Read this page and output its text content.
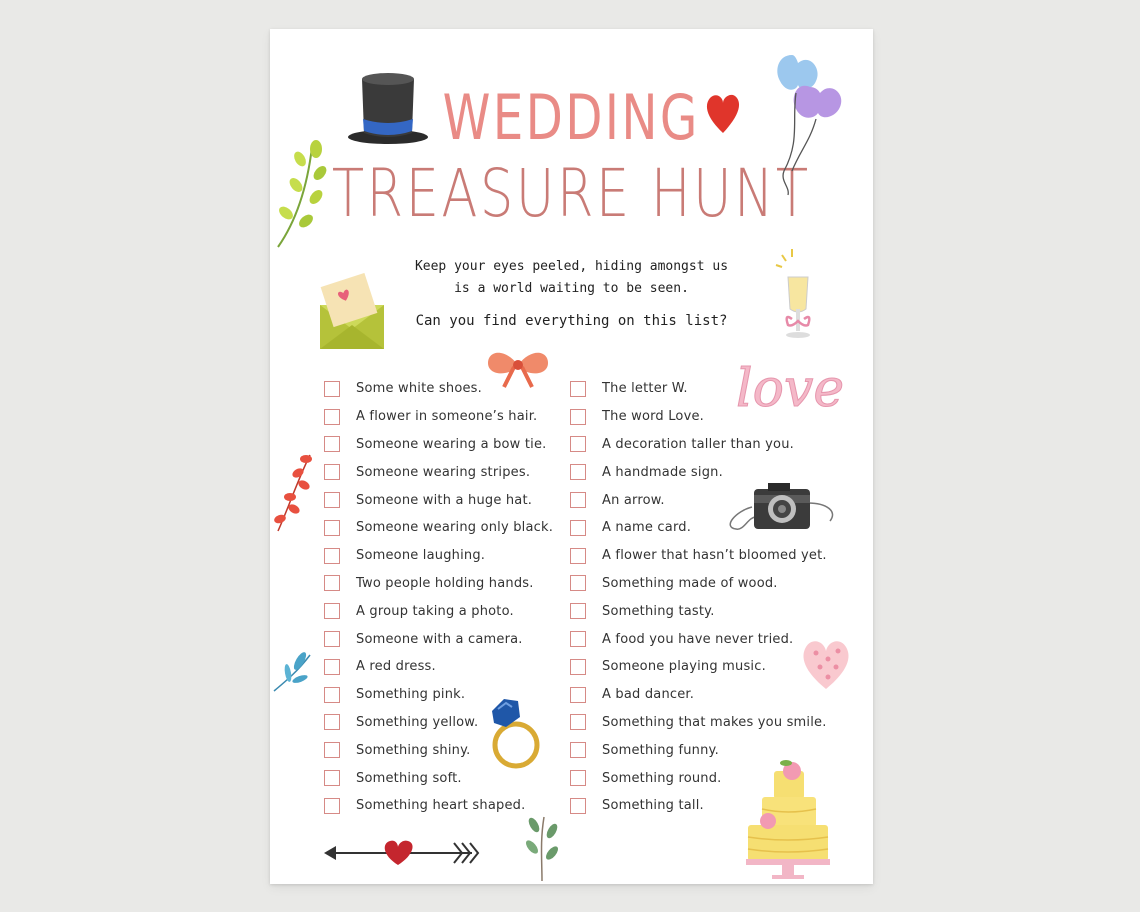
WEDDING
TREASURE HUNT
Keep your eyes peeled, hiding amongst us
is a world waiting to be seen.
Can you find everything on this list?
Some white shoes.
A flower in someone’s hair.
Someone wearing a bow tie.
Someone wearing stripes.
Someone with a huge hat.
Someone wearing only black.
Someone laughing.
Two people holding hands.
A group taking a photo.
Someone with a camera.
A red dress.
Something pink.
Something yellow.
Something shiny.
Something soft.
Something heart shaped.
The letter W.
The word Love.
A decoration taller than you.
A handmade sign.
An arrow.
A name card.
A flower that hasn’t bloomed yet.
Something made of wood.
Something tasty.
A food you have never tried.
Someone playing music.
A bad dancer.
Something that makes you smile.
Something funny.
Something round.
Something tall.
love
